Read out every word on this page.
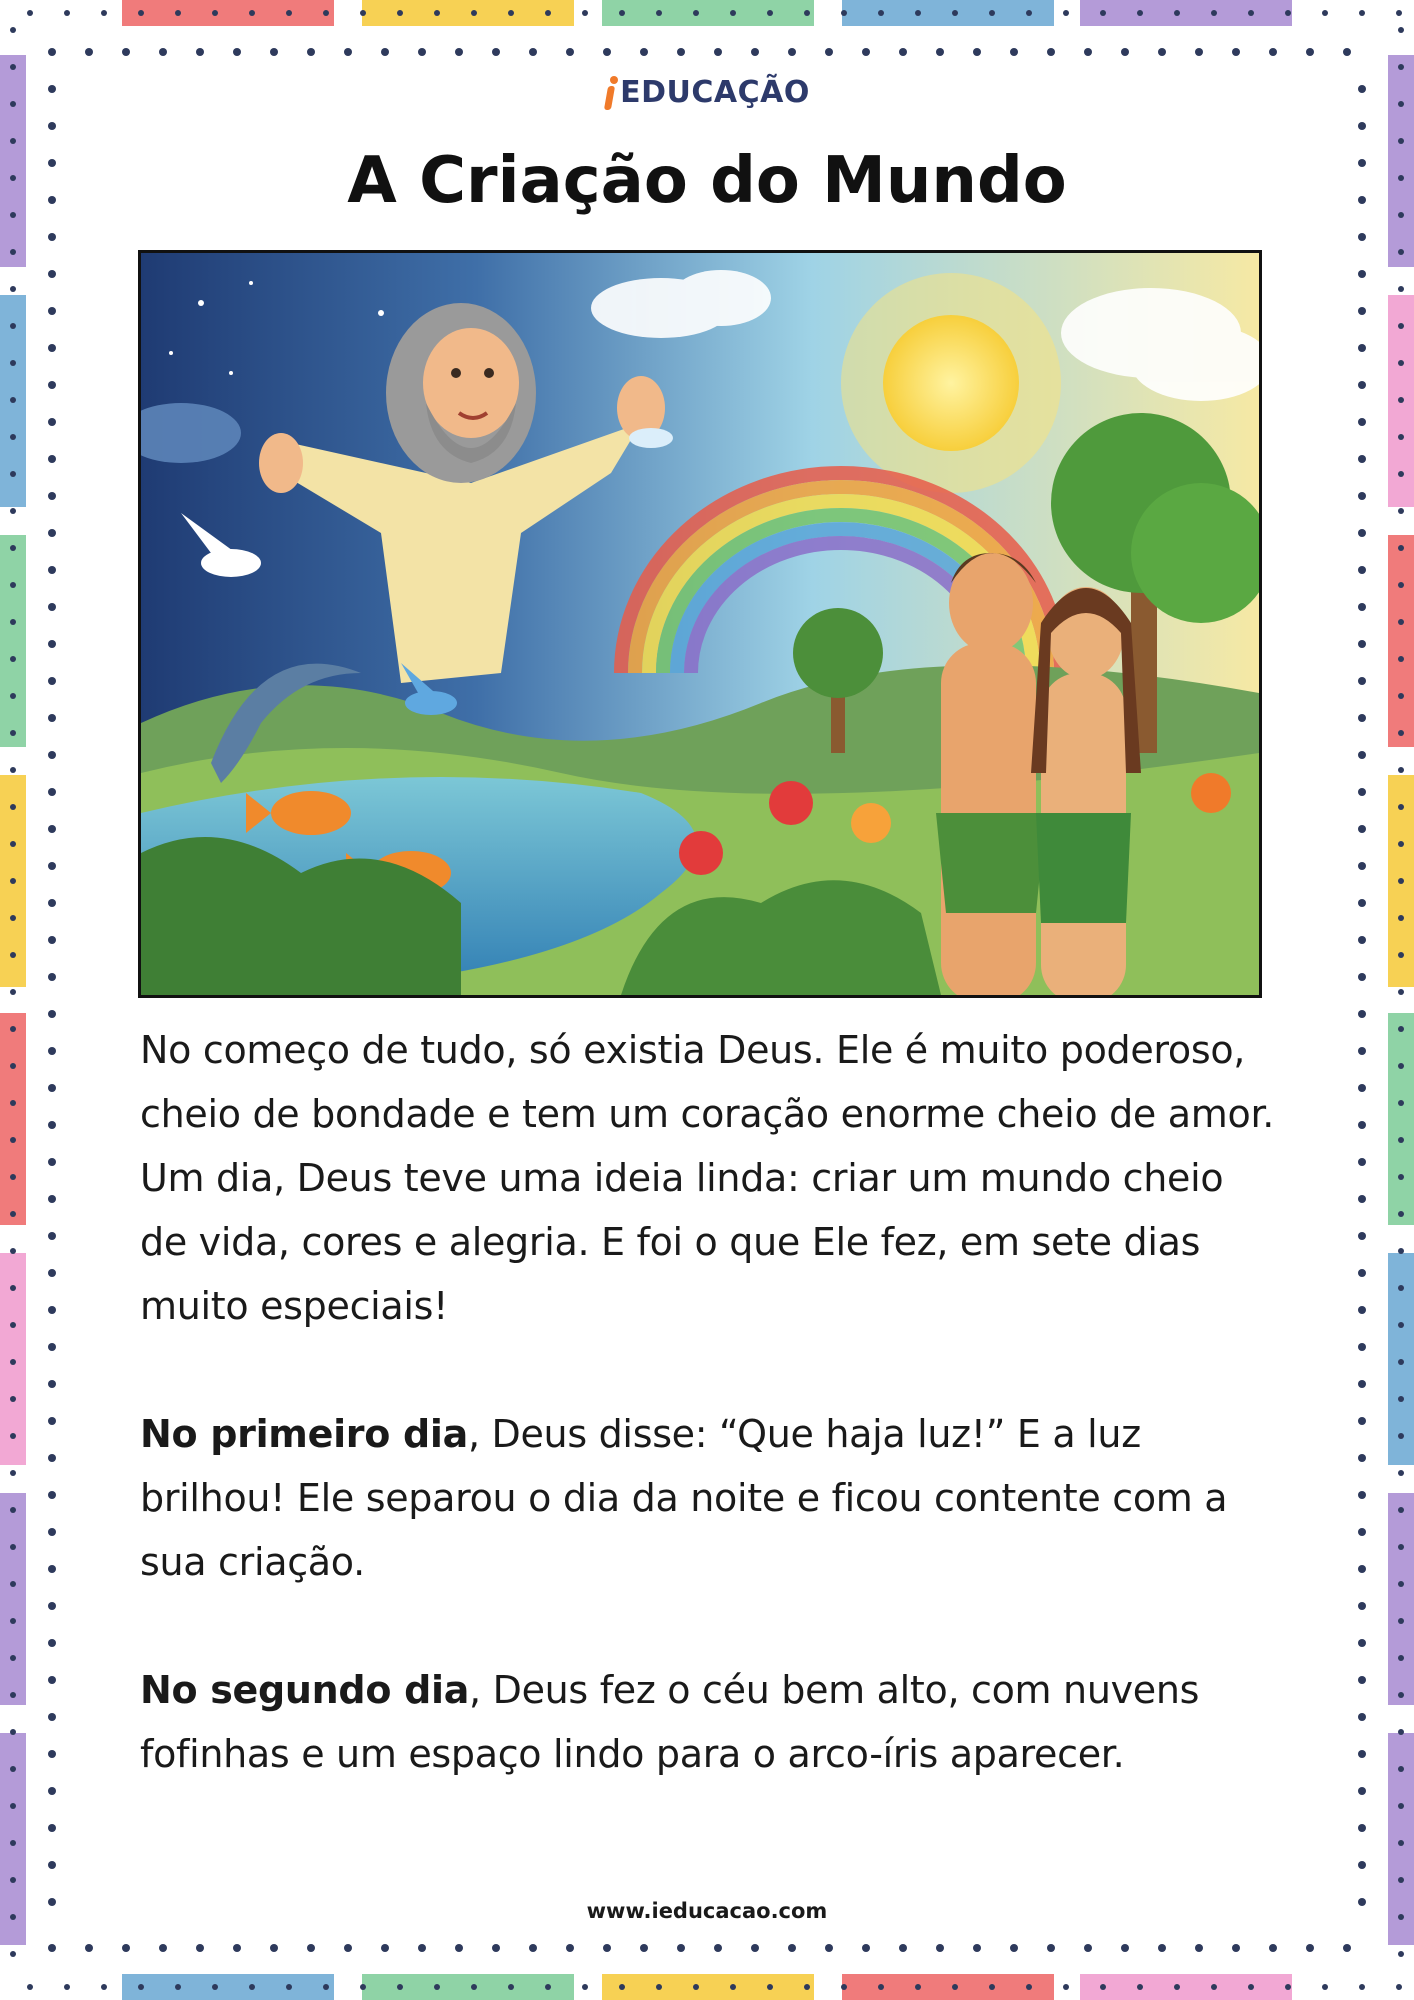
EDUCAÇÃO
A Criação do Mundo

No começo de tudo, só existia Deus. Ele é muito poderoso, cheio de bondade e tem um coração enorme cheio de amor. Um dia, Deus teve uma ideia linda: criar um mundo cheio de vida, cores e alegria. E foi o que Ele fez, em sete dias muito especiais!

No primeiro dia, Deus disse: “Que haja luz!” E a luz brilhou! Ele separou o dia da noite e ficou contente com a sua criação.

No segundo dia, Deus fez o céu bem alto, com nuvens fofinhas e um espaço lindo para o arco-íris aparecer.

www.ieducacao.com
